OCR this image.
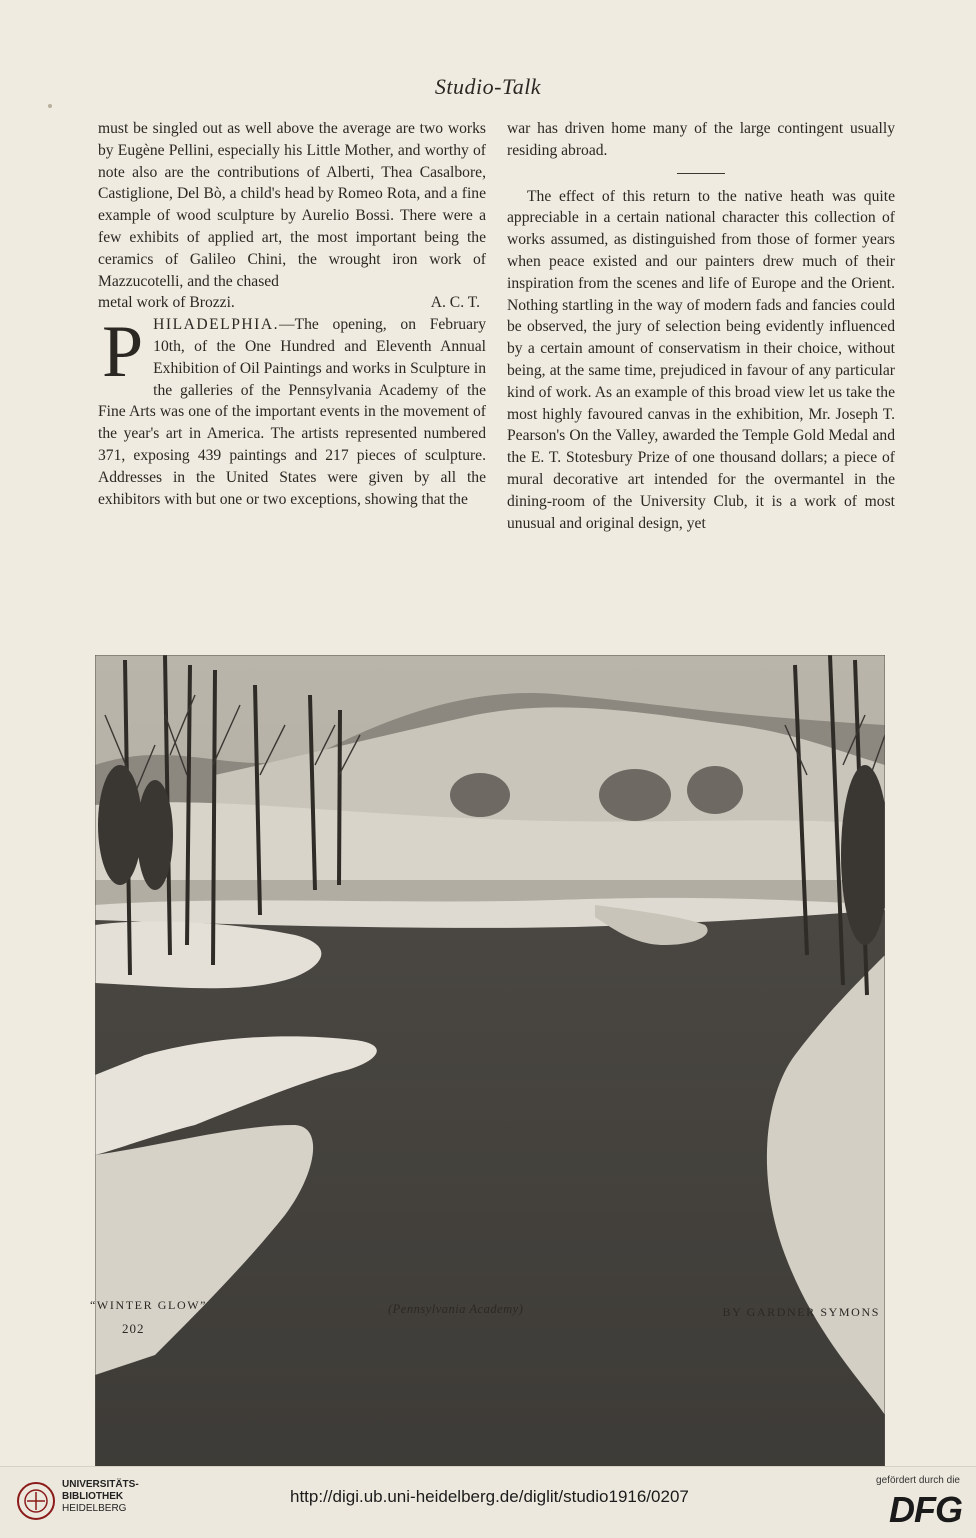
Studio-Talk

must be singled out as well above the average are two works by Eugène Pellini, especially his Little Mother, and worthy of note also are the contributions of Alberti, Thea Casalbore, Castiglione, Del Bò, a child's head by Romeo Rota, and a fine example of wood sculpture by Aurelio Bossi. There were a few exhibits of applied art, the most important being the ceramics of Galileo Chini, the wrought iron work of Mazzucotelli, and the chased

metal work of Brozzi.	A. C. T.

PHILADELPHIA.—The opening, on February 10th, of the One Hundred and Eleventh Annual Exhibition of Oil Paintings and works in Sculpture in the galleries of the Pennsylvania Academy of the Fine Arts was one of the important events in the movement of the year's art in America. The artists represented numbered 371, exposing 439 paintings and 217 pieces of sculpture. Addresses in the United States were given by all the exhibitors with but one or two exceptions, showing that the

war has driven home many of the large contingent usually residing abroad.

The effect of this return to the native heath was quite appreciable in a certain national character this collection of works assumed, as distinguished from those of former years when peace existed and our painters drew much of their inspiration from the scenes and life of Europe and the Orient. Nothing startling in the way of modern fads and fancies could be observed, the jury of selection being evidently influenced by a certain amount of conservatism in their choice, without being, at the same time, prejudiced in favour of any particular kind of work. As an example of this broad view let us take the most highly favoured canvas in the exhibition, Mr. Joseph T. Pearson's On the Valley, awarded the Temple Gold Medal and the E. T. Stotesbury Prize of one thousand dollars; a piece of mural decorative art intended for the overmantel in the dining-room of the University Club, it is a work of most unusual and original design, yet

“WINTER GLOW”	(Pennsylvania Academy)	BY GARDNER SYMONS
202
UNIVERSITÄTS-
BIBLIOTHEK
HEIDELBERG
http://digi.ub.uni-heidelberg.de/diglit/studio1916/0207
gefördert durch die
DFG
